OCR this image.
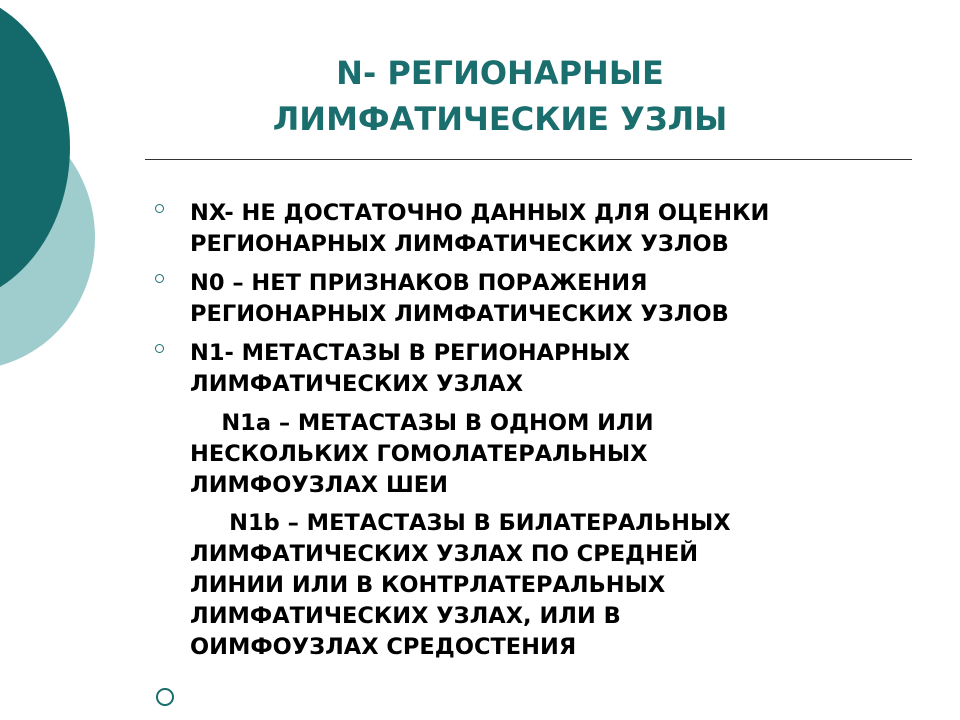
N- РЕГИОНАРНЫЕ
ЛИМФАТИЧЕСКИЕ УЗЛЫ
NX- НЕ ДОСТАТОЧНО ДАННЫХ ДЛЯ ОЦЕНКИ
РЕГИОНАРНЫХ ЛИМФАТИЧЕСКИХ УЗЛОВ
N0 – НЕТ ПРИЗНАКОВ ПОРАЖЕНИЯ
РЕГИОНАРНЫХ ЛИМФАТИЧЕСКИХ УЗЛОВ
N1- МЕТАСТАЗЫ В РЕГИОНАРНЫХ
ЛИМФАТИЧЕСКИХ УЗЛАХ
N1a – МЕТАСТАЗЫ В ОДНОМ ИЛИ
НЕСКОЛЬКИХ ГОМОЛАТЕРАЛЬНЫХ
ЛИМФОУЗЛАХ ШЕИ
N1b – МЕТАСТАЗЫ В БИЛАТЕРАЛЬНЫХ
ЛИМФАТИЧЕСКИХ УЗЛАХ ПО СРЕДНЕЙ
ЛИНИИ ИЛИ В КОНТРЛАТЕРАЛЬНЫХ
ЛИМФАТИЧЕСКИХ УЗЛАХ, ИЛИ В
ОИМФОУЗЛАХ СРЕДОСТЕНИЯ
